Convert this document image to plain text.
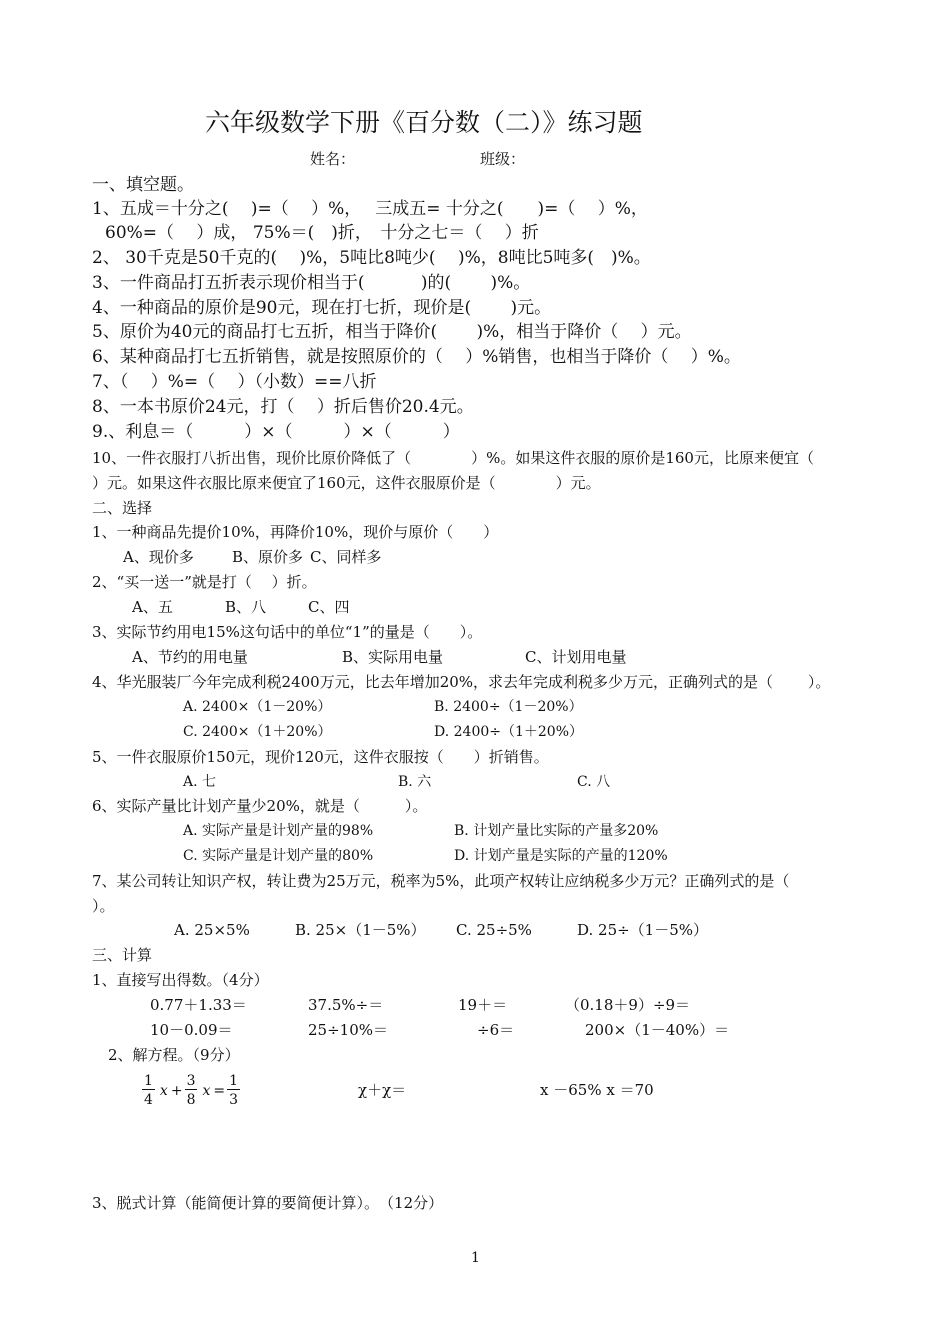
六年级数学下册《百分数（二）》练习题
姓名：	班级：
一、填空题。
1、五成＝十分之(　 )=（　 ）%，　 三成五= 十分之(　　)=（　 ）%，
60%=（　 ）成， 75%＝(　)折，　十分之七＝（　 ）折
2、 30千克是50千克的(　 )%，5吨比8吨少(　 )%，8吨比5吨多(　)%。
3、一件商品打五折表示现价相当于(　　　 )的(　　 )%。
4、一种商品的原价是90元，现在打七折，现价是(　　 )元。
5、原价为40元的商品打七五折，相当于降价(　　 )%，相当于降价（　 ）元。
6、某种商品打七五折销售，就是按照原价的（　 ）%销售，也相当于降价（　 ）%。
7、（　 ）%=（　 ）（小数）==八折
8、一本书原价24元，打（　 ）折后售价20.4元。
9.、利息＝（　　　）×（　　　）×（　　　）
10、一件衣服打八折出售，现价比原价降低了（　　　　）%。如果这件衣服的原价是160元，比原来便宜（
）元。如果这件衣服比原来便宜了160元，这件衣服原价是（　　　　）元。
二、选择
1、一种商品先提价10%，再降价10%，现价与原价（　　）
A、现价多	B、原价多 C、同样多
2、“买一送一”就是打（　 ）折。
A、五	B、八	C、四
3、实际节约用电15%这句话中的单位“1”的量是（　　）。
A、节约的用电量	B、实际用电量	C、计划用电量
4、华光服装厂今年完成利税2400万元，比去年增加20%，求去年完成利税多少万元，正确列式的是（　　 ）。
A. 2400×（1－20%）	B. 2400÷（1－20%）
C. 2400×（1＋20%）	D. 2400÷（1＋20%）
5、一件衣服原价150元，现价120元，这件衣服按（　　）折销售。
A. 七	B. 六	C. 八
6、实际产量比计划产量少20%，就是（　　　）。
A. 实际产量是计划产量的98%	B. 计划产量比实际的产量多20%
C. 实际产量是计划产量的80%	D. 计划产量是实际的产量的120%
7、某公司转让知识产权，转让费为25万元，税率为5%，此项产权转让应纳税多少万元？正确列式的是（
）。
A. 25×5%	B. 25×（1－5%） C. 25÷5%	D. 25÷（1－5%）
三、计算
1、直接写出得数。（4分）
0.77＋1.33＝	37.5%÷＝	19＋＝	（0.18＋9）÷9＝
10－0.09＝	25÷10%＝	÷6＝	200×（1－40%）＝
2、解方程。（9分）
$\frac{1}{4}$ $x + \frac{3}{8}$ $x = \frac{1}{3}$	χ＋χ＝	x －65% x ＝70
3、脱式计算（能简便计算的要简便计算）。　（12分）
1
